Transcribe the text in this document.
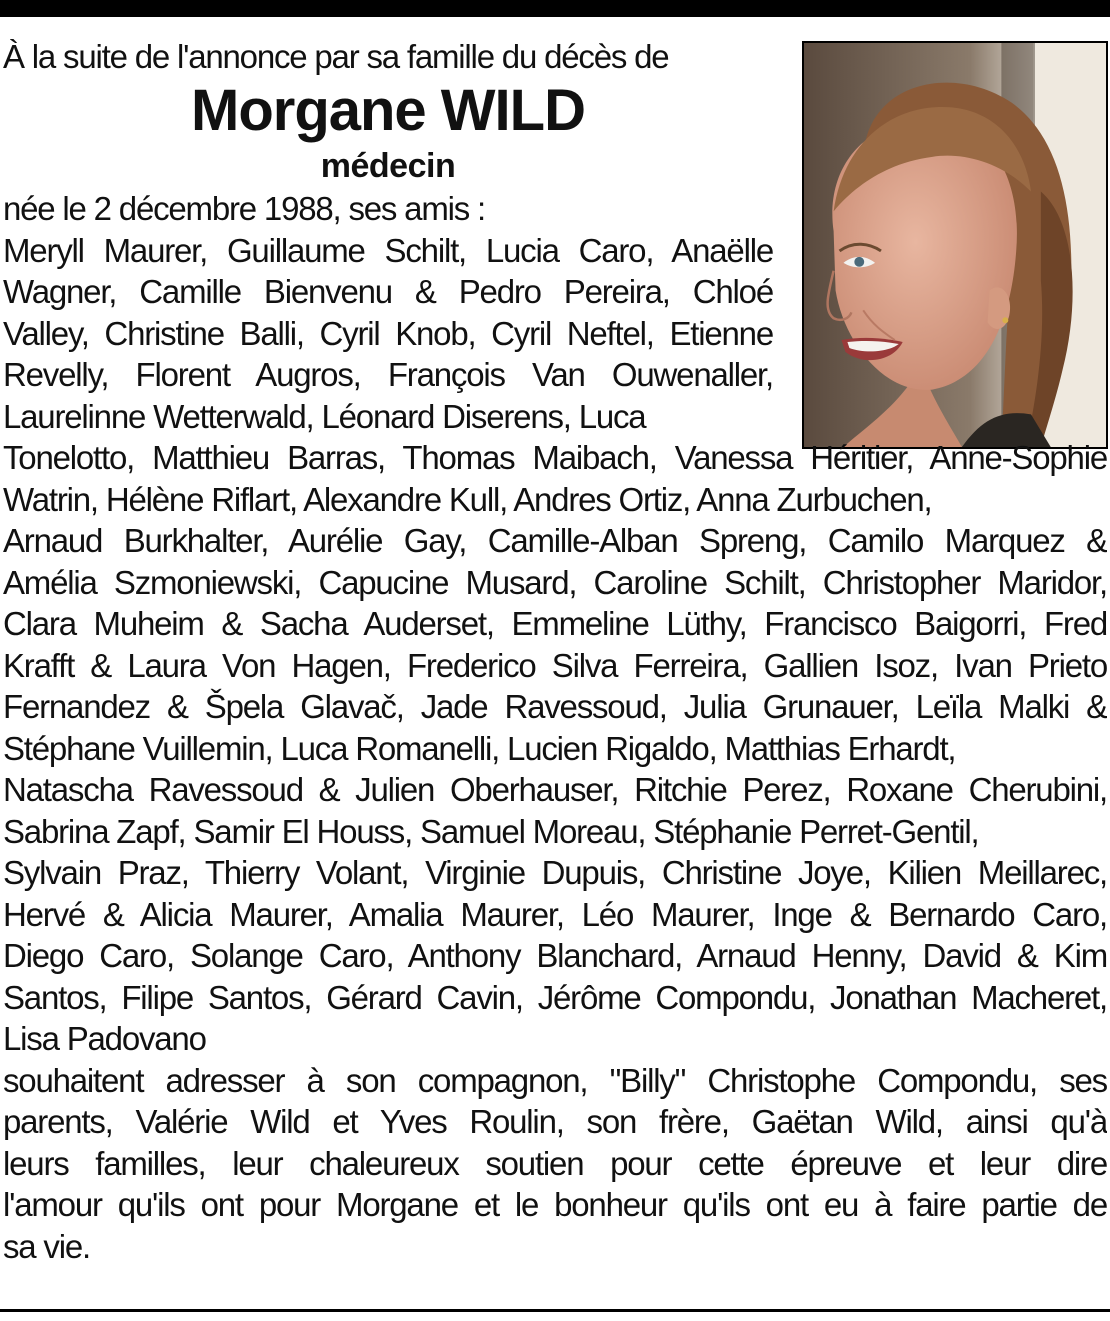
À la suite de l'annonce par sa famille du décès de
Morgane WILD
médecin
née le 2 décembre 1988, ses amis :
Meryll Maurer, Guillaume Schilt, Lucia Caro, Anaëlle
Wagner, Camille Bienvenu & Pedro Pereira, Chloé
Valley, Christine Balli, Cyril Knob, Cyril Neftel, Etienne
Revelly, Florent Augros, François Van Ouwenaller,
Laurelinne Wetterwald, Léonard Diserens, Luca
Tonelotto, Matthieu Barras, Thomas Maibach, Vanessa Héritier, Anne-Sophie
Watrin, Hélène Riflart, Alexandre Kull, Andres Ortiz, Anna Zurbuchen,
Arnaud Burkhalter, Aurélie Gay, Camille-Alban Spreng, Camilo Marquez &
Amélia Szmoniewski, Capucine Musard, Caroline Schilt, Christopher Maridor,
Clara Muheim & Sacha Auderset, Emmeline Lüthy, Francisco Baigorri, Fred
Krafft & Laura Von Hagen, Frederico Silva Ferreira, Gallien Isoz, Ivan Prieto
Fernandez & Špela Glavač, Jade Ravessoud, Julia Grunauer, Leïla Malki &
Stéphane Vuillemin, Luca Romanelli, Lucien Rigaldo, Matthias Erhardt,
Natascha Ravessoud & Julien Oberhauser, Ritchie Perez, Roxane Cherubini,
Sabrina Zapf, Samir El Houss, Samuel Moreau, Stéphanie Perret-Gentil,
Sylvain Praz, Thierry Volant, Virginie Dupuis, Christine Joye, Kilien Meillarec,
Hervé & Alicia Maurer, Amalia Maurer, Léo Maurer, Inge & Bernardo Caro,
Diego Caro, Solange Caro, Anthony Blanchard, Arnaud Henny, David & Kim
Santos, Filipe Santos, Gérard Cavin, Jérôme Compondu, Jonathan Macheret,
Lisa Padovano
souhaitent adresser à son compagnon, "Billy" Christophe Compondu, ses
parents, Valérie Wild et Yves Roulin, son frère, Gaëtan Wild, ainsi qu'à
leurs familles, leur chaleureux soutien pour cette épreuve et leur dire
l'amour qu'ils ont pour Morgane et le bonheur qu'ils ont eu à faire partie de
sa vie.
